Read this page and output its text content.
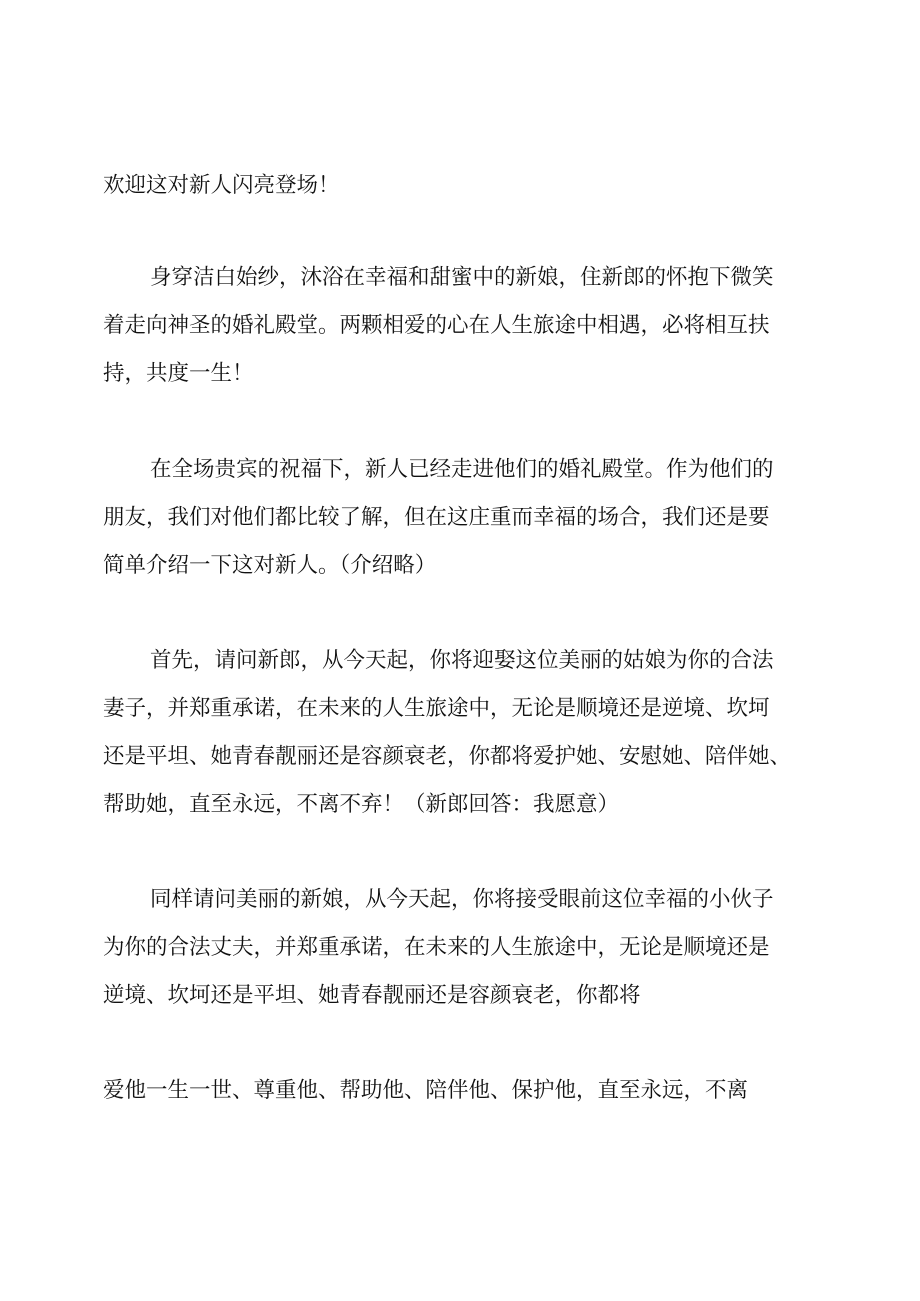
欢迎这对新人闪亮登场！

身穿洁白始纱，沐浴在幸福和甜蜜中的新娘，住新郎的怀抱下微笑

着走向神圣的婚礼殿堂。两颗相爱的心在人生旅途中相遇，必将相互扶

持，共度一生！

在全场贵宾的祝福下，新人已经走进他们的婚礼殿堂。作为他们的

朋友，我们对他们都比较了解，但在这庄重而幸福的场合，我们还是要

简单介绍一下这对新人。（介绍略）

首先，请问新郎，从今天起，你将迎娶这位美丽的姑娘为你的合法

妻子，并郑重承诺，在未来的人生旅途中，无论是顺境还是逆境、坎坷

还是平坦、她青春靓丽还是容颜衰老，你都将爱护她、安慰她、陪伴她、

帮助她，直至永远，不离不弃！（新郎回答：我愿意）

同样请问美丽的新娘，从今天起，你将接受眼前这位幸福的小伙子

为你的合法丈夫，并郑重承诺，在未来的人生旅途中，无论是顺境还是

逆境、坎坷还是平坦、她青春靓丽还是容颜衰老，你都将

爱他一生一世、尊重他、帮助他、陪伴他、保护他，直至永远，不离
